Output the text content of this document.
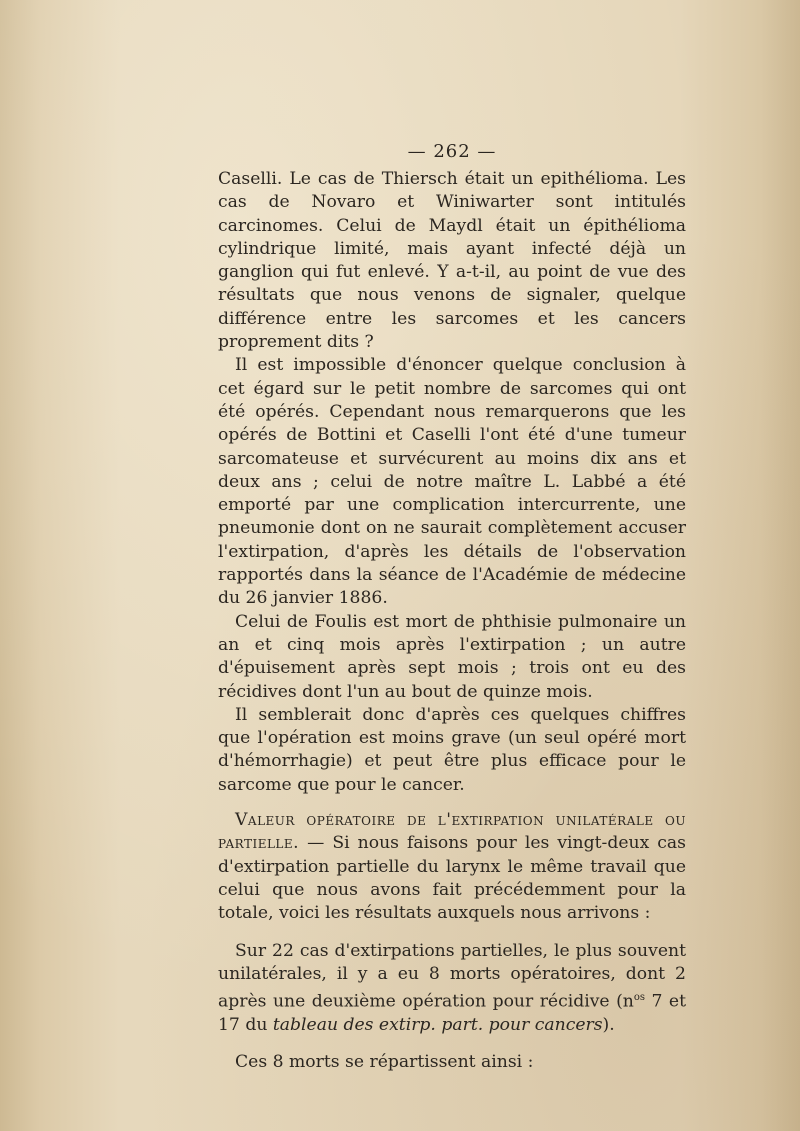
— 262 —

Caselli. Le cas de Thiersch était un epithélioma. Les cas de Novaro et Winiwarter sont intitulés carcinomes. Celui de Maydl était un épithélioma cylindrique limité, mais ayant infecté déjà un ganglion qui fut enlevé. Y a-t-il, au point de vue des résultats que nous venons de signaler, quelque différence entre les sarcomes et les cancers proprement dits ?

Il est impossible d'énoncer quelque conclusion à cet égard sur le petit nombre de sarcomes qui ont été opérés. Cependant nous remarquerons que les opérés de Bottini et Caselli l'ont été d'une tumeur sarcomateuse et survécurent au moins dix ans et deux ans ; celui de notre maître L. Labbé a été emporté par une complication intercurrente, une pneumonie dont on ne saurait complètement accuser l'extirpation, d'après les détails de l'observation rapportés dans la séance de l'Académie de médecine du 26 janvier 1886.

Celui de Foulis est mort de phthisie pulmonaire un an et cinq mois après l'extirpation ; un autre d'épuisement après sept mois ; trois ont eu des récidives dont l'un au bout de quinze mois.

Il semblerait donc d'après ces quelques chiffres que l'opération est moins grave (un seul opéré mort d'hémorrhagie) et peut être plus efficace pour le sarcome que pour le cancer.

Valeur opératoire de l'extirpation unilatérale ou partielle. — Si nous faisons pour les vingt-deux cas d'extirpation partielle du larynx le même travail que celui que nous avons fait précédemment pour la totale, voici les résultats auxquels nous arrivons :

Sur 22 cas d'extirpations partielles, le plus souvent unilatérales, il y a eu 8 morts opératoires, dont 2 après une deuxième opération pour récidive ($n^{os}$ 7 et 17 du tableau des extirp. part. pour cancers).

Ces 8 morts se répartissent ainsi :
